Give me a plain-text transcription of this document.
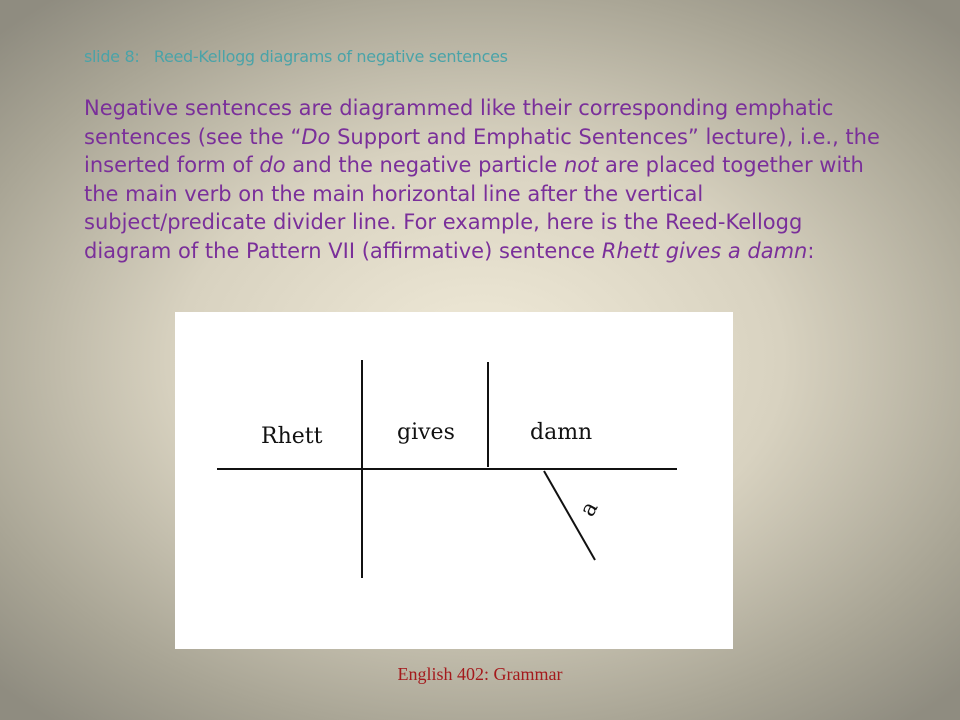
slide 8:   Reed-Kellogg diagrams of negative sentences
Negative sentences are diagrammed like their corresponding emphatic sentences (see the “Do Support and Emphatic Sentences” lecture), i.e., the inserted form of do and the negative particle not are placed together with the main verb on the main horizontal line after the vertical subject/predicate divider line. For example, here is the Reed-Kellogg diagram of the Pattern VII (affirmative) sentence Rhett gives a damn:
Rhett	gives	damn
a
English 402: Grammar
